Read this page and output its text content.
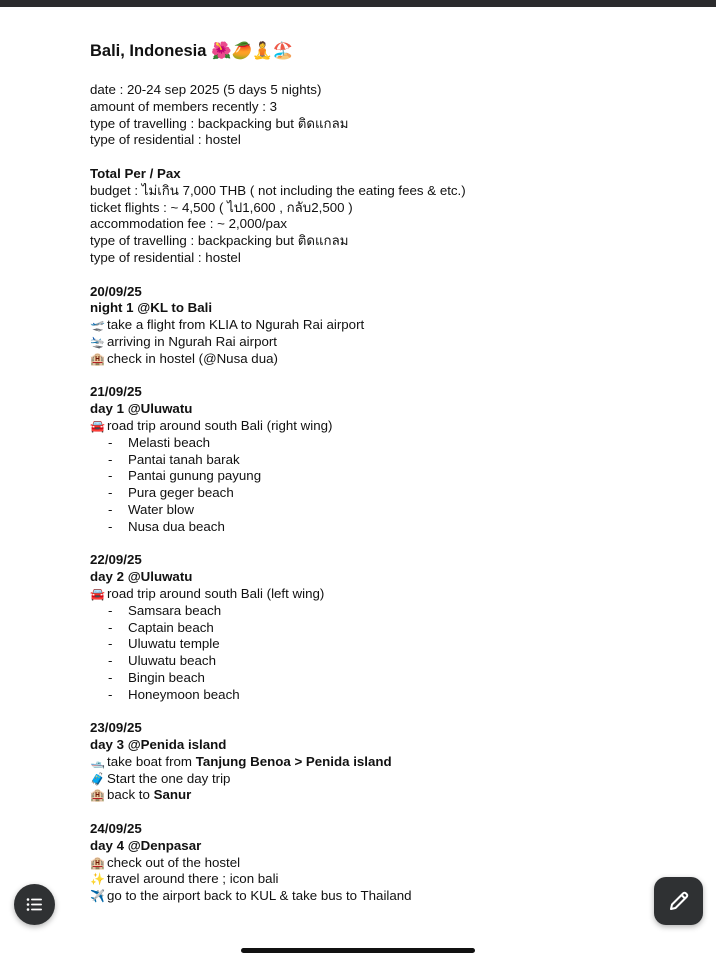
Bali, Indonesia 🌺🥭🧘🏖️
date : 20-24 sep 2025 (5 days 5 nights)
amount of members recently : 3
type of travelling : backpacking but ติดแกลม
type of residential : hostel
Total Per / Pax
budget : ไม่เกิน 7,000 THB ( not including the eating fees & etc.)
ticket flights : ~ 4,500 ( ไป1,600 , กลับ2,500 )
accommodation fee : ~ 2,000/pax
type of travelling : backpacking but ติดแกลม
type of residential : hostel
20/09/25
night 1 @KL to Bali
🛫 take a flight from KLIA to Ngurah Rai airport
🛬 arriving in Ngurah Rai airport
🏨 check in hostel (@Nusa dua)
21/09/25
day 1 @Uluwatu
🚘 road trip around south Bali (right wing)
- Melasti beach
- Pantai tanah barak
- Pantai gunung payung
- Pura geger beach
- Water blow
- Nusa dua beach
22/09/25
day 2 @Uluwatu
🚘 road trip around south Bali (left wing)
- Samsara beach
- Captain beach
- Uluwatu temple
- Uluwatu beach
- Bingin beach
- Honeymoon beach
23/09/25
day 3 @Penida island
🛥️ take boat from Tanjung Benoa > Penida island
🧳 Start the one day trip
🏨 back to Sanur
24/09/25
day 4 @Denpasar
🏨 check out of the hostel
✨ travel around there ; icon bali
✈️ go to the airport back to KUL & take bus to Thailand
